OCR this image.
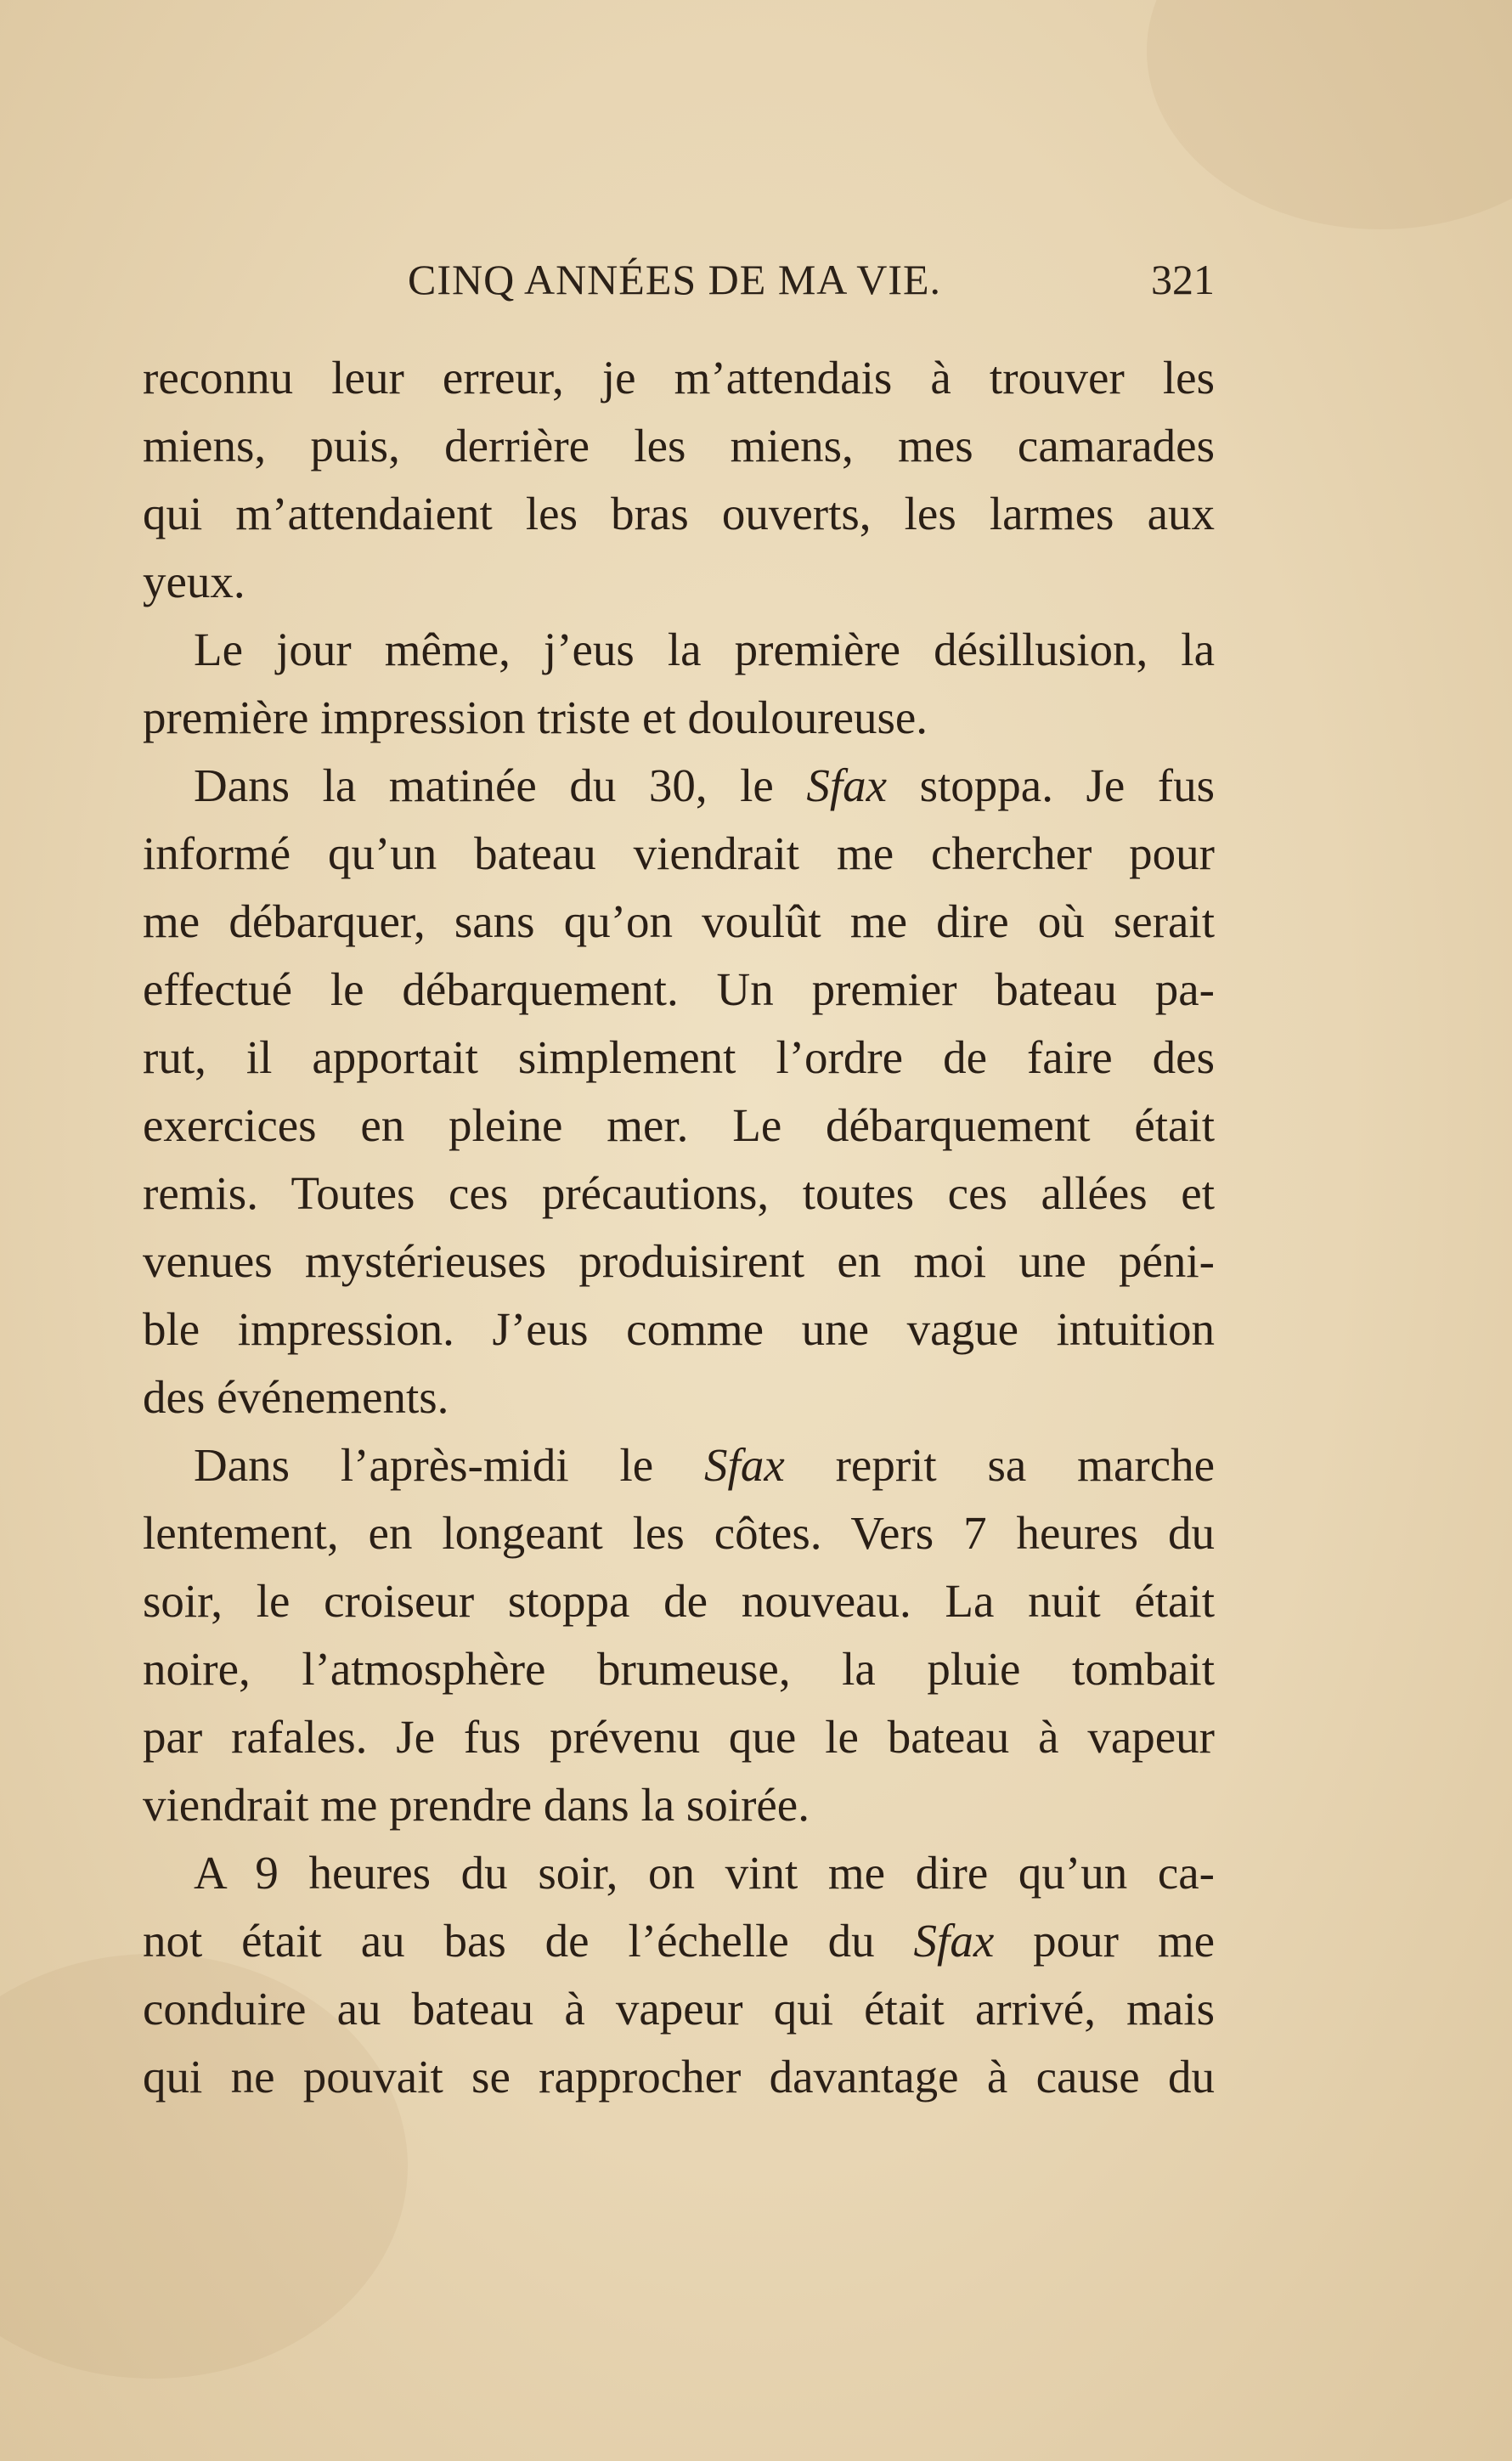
CINQ ANNÉES DE MA VIE.	321
reconnu leur erreur, je m’attendais à trouver les
miens, puis, derrière les miens, mes camarades
qui m’attendaient les bras ouverts, les larmes aux
yeux.
Le jour même, j’eus la première désillusion, la
première impression triste et douloureuse.
Dans la matinée du 30, le Sfax stoppa. Je fus
informé qu’un bateau viendrait me chercher pour
me débarquer, sans qu’on voulût me dire où serait
effectué le débarquement. Un premier bateau pa-
rut, il apportait simplement l’ordre de faire des
exercices en pleine mer. Le débarquement était
remis. Toutes ces précautions, toutes ces allées et
venues mystérieuses produisirent en moi une péni-
ble impression. J’eus comme une vague intuition
des événements.
Dans l’après-midi le Sfax reprit sa marche
lentement, en longeant les côtes. Vers 7 heures du
soir, le croiseur stoppa de nouveau. La nuit était
noire, l’atmosphère brumeuse, la pluie tombait
par rafales. Je fus prévenu que le bateau à vapeur
viendrait me prendre dans la soirée.
A 9 heures du soir, on vint me dire qu’un ca-
not était au bas de l’échelle du Sfax pour me
conduire au bateau à vapeur qui était arrivé, mais
qui ne pouvait se rapprocher davantage à cause du
